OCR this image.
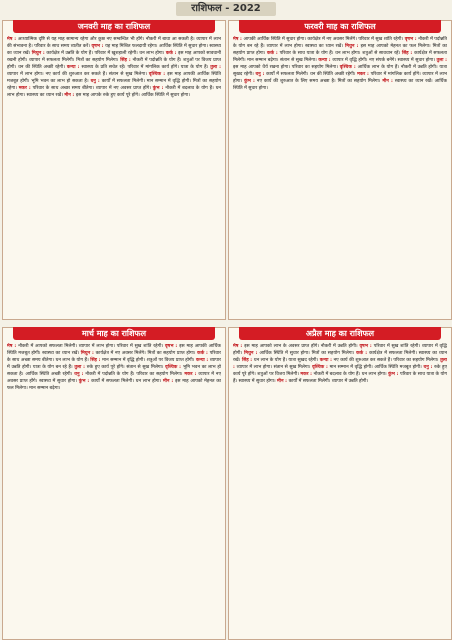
राशिफल - 2022
जनवरी माह का राशिफल
मेष : आध्यात्मिक दृष्टि से यह माह सामान्य रहेगा और कुछ नए सम्बन्धित भी होंगे। नौकरी में बाधा आ सकती है। व्यापार में लाभ की संभावना है। परिवार के साथ समय व्यतीत करें। वृषभ : यह माह मिश्रित फलदायी रहेगा। आर्थिक स्थिति में सुधार होगा। स्वास्थ्य का ध्यान रखें। मिथुन : कार्यक्षेत्र में उन्नति के योग हैं। परिवार में खुशहाली रहेगी। धन लाभ होगा। कर्क : इस माह आपको सावधानी रखनी होगी। व्यापार में सफलता मिलेगी। मित्रों का सहयोग मिलेगा। सिंह : नौकरी में पदोन्नति के योग हैं। शत्रुओं पर विजय प्राप्त होगी। धन की स्थिति अच्छी रहेगी। कन्या : स्वास्थ्य के प्रति सचेत रहें। परिवार में मांगलिक कार्य होंगे। यात्रा के योग हैं। तुला : व्यापार में लाभ होगा। नए कार्य की शुरुआत कर सकते हैं। संतान से सुख मिलेगा। वृश्चिक : इस माह आपकी आर्थिक स्थिति मजबूत होगी। भूमि भवन का लाभ हो सकता है। धनु : कार्यों में सफलता मिलेगी। मान सम्मान में वृद्धि होगी। मित्रों का सहयोग रहेगा। मकर : परिवार के साथ अच्छा समय बीतेगा। व्यापार में नए अवसर प्राप्त होंगे। कुंभ : नौकरी में बदलाव के योग हैं। धन लाभ होगा। स्वास्थ्य का ध्यान रखें। मीन : इस माह आपके रुके हुए कार्य पूरे होंगे। आर्थिक स्थिति में सुधार होगा।
फरवरी माह का राशिफल
मेष : आपकी आर्थिक स्थिति में सुधार होगा। कार्यक्षेत्र में नए अवसर मिलेंगे। परिवार में सुख शांति रहेगी। वृषभ : नौकरी में पदोन्नति के योग बन रहे हैं। व्यापार में लाभ होगा। स्वास्थ्य का ध्यान रखें। मिथुन : इस माह आपको मेहनत का फल मिलेगा। मित्रों का सहयोग प्राप्त होगा। कर्क : परिवार के साथ यात्रा के योग हैं। धन लाभ होगा। शत्रुओं से सावधान रहें। सिंह : कार्यक्षेत्र में सफलता मिलेगी। मान सम्मान बढ़ेगा। संतान से सुख मिलेगा। कन्या : व्यापार में वृद्धि होगी। नए संपर्क बनेंगे। स्वास्थ्य में सुधार होगा। तुला : इस माह आपको धैर्य रखना होगा। परिवार का सहयोग मिलेगा। वृश्चिक : आर्थिक लाभ के योग हैं। नौकरी में उन्नति होगी। यात्रा सुखद रहेगी। धनु : कार्यों में सफलता मिलेगी। धन की स्थिति अच्छी रहेगी। मकर : परिवार में मांगलिक कार्य होंगे। व्यापार में लाभ होगा। कुंभ : नए कार्य की शुरुआत के लिए समय अच्छा है। मित्रों का सहयोग मिलेगा। मीन : स्वास्थ्य का ध्यान रखें। आर्थिक स्थिति में सुधार होगा।
मार्च माह का राशिफल
मेष : नौकरी में आपको सफलता मिलेगी। व्यापार में लाभ होगा। परिवार में सुख शांति रहेगी। वृषभ : इस माह आपकी आर्थिक स्थिति मजबूत होगी। स्वास्थ्य का ध्यान रखें। मिथुन : कार्यक्षेत्र में नए अवसर मिलेंगे। मित्रों का सहयोग प्राप्त होगा। कर्क : परिवार के साथ अच्छा समय बीतेगा। धन लाभ के योग हैं। सिंह : मान सम्मान में वृद्धि होगी। शत्रुओं पर विजय प्राप्त होगी। कन्या : व्यापार में उन्नति होगी। यात्रा के योग बन रहे हैं। तुला : रुके हुए कार्य पूरे होंगे। संतान से सुख मिलेगा। वृश्चिक : भूमि भवन का लाभ हो सकता है। आर्थिक स्थिति अच्छी रहेगी। धनु : नौकरी में पदोन्नति के योग हैं। परिवार का सहयोग मिलेगा। मकर : व्यापार में नए अवसर प्राप्त होंगे। स्वास्थ्य में सुधार होगा। कुंभ : कार्यों में सफलता मिलेगी। धन लाभ होगा। मीन : इस माह आपको मेहनत का फल मिलेगा। मान सम्मान बढ़ेगा।
अप्रैल माह का राशिफल
मेष : इस माह आपको लाभ के अवसर प्राप्त होंगे। नौकरी में उन्नति होगी। वृषभ : परिवार में सुख शांति रहेगी। व्यापार में वृद्धि होगी। मिथुन : आर्थिक स्थिति में सुधार होगा। मित्रों का सहयोग मिलेगा। कर्क : कार्यक्षेत्र में सफलता मिलेगी। स्वास्थ्य का ध्यान रखें। सिंह : धन लाभ के योग हैं। यात्रा सुखद रहेगी। कन्या : नए कार्य की शुरुआत कर सकते हैं। परिवार का सहयोग मिलेगा। तुला : व्यापार में लाभ होगा। संतान से सुख मिलेगा। वृश्चिक : मान सम्मान में वृद्धि होगी। आर्थिक स्थिति मजबूत होगी। धनु : रुके हुए कार्य पूरे होंगे। शत्रुओं पर विजय मिलेगी। मकर : नौकरी में बदलाव के योग हैं। धन लाभ होगा। कुंभ : परिवार के साथ यात्रा के योग हैं। स्वास्थ्य में सुधार होगा। मीन : कार्यों में सफलता मिलेगी। व्यापार में उन्नति होगी।
